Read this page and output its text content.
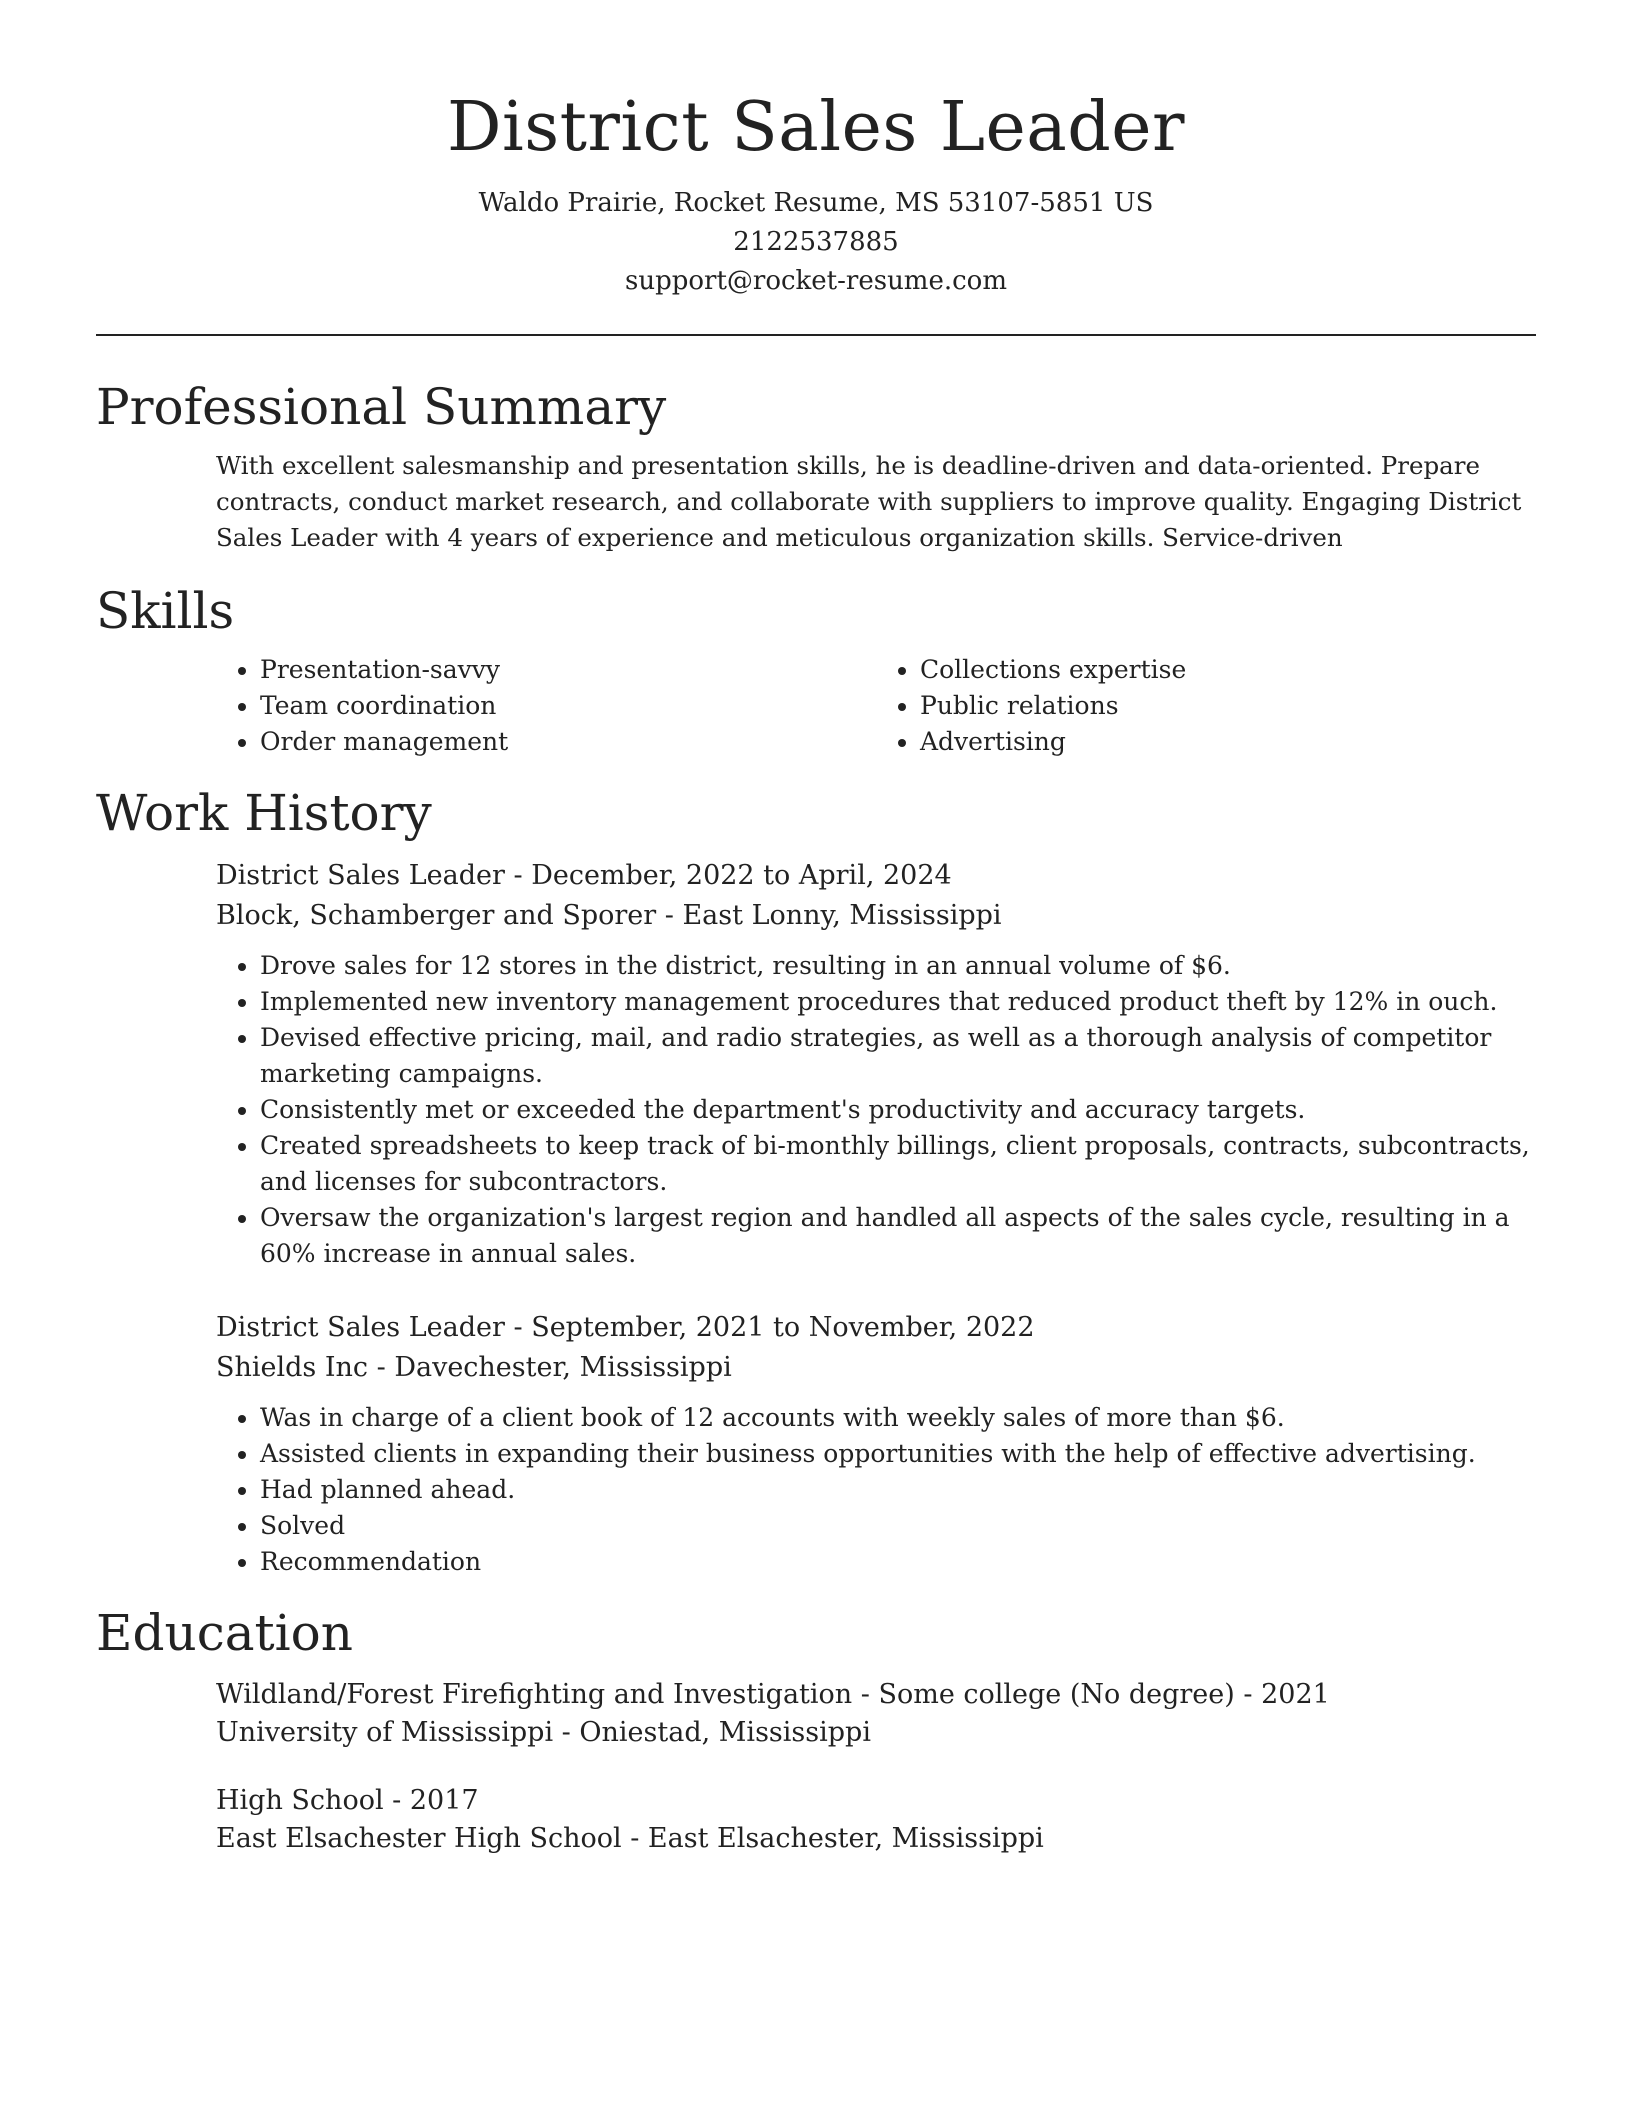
District Sales Leader
Waldo Prairie, Rocket Resume, MS 53107-5851 US
2122537885
support@rocket-resume.com
Professional Summary

With excellent salesmanship and presentation skills, he is deadline-driven and data-oriented. Prepare contracts, conduct market research, and collaborate with suppliers to improve quality. Engaging District Sales Leader with 4 years of experience and meticulous organization skills. Service-driven

Skills
• Presentation-savvy
• Team coordination
• Order management
• Collections expertise
• Public relations
• Advertising
Work History
District Sales Leader - December, 2022 to April, 2024
Block, Schamberger and Sporer - East Lonny, Mississippi
• Drove sales for 12 stores in the district, resulting in an annual volume of $6.
• Implemented new inventory management procedures that reduced product theft by 12% in ouch.
• Devised effective pricing, mail, and radio strategies, as well as a thorough analysis of competitor marketing campaigns.
• Consistently met or exceeded the department's productivity and accuracy targets.
• Created spreadsheets to keep track of bi-monthly billings, client proposals, contracts, subcontracts, and licenses for subcontractors.
• Oversaw the organization's largest region and handled all aspects of the sales cycle, resulting in a 60% increase in annual sales.
District Sales Leader - September, 2021 to November, 2022
Shields Inc - Davechester, Mississippi
• Was in charge of a client book of 12 accounts with weekly sales of more than $6.
• Assisted clients in expanding their business opportunities with the help of effective advertising.
• Had planned ahead.
• Solved
• Recommendation
Education
Wildland/Forest Firefighting and Investigation - Some college (No degree) - 2021
University of Mississippi - Oniestad, Mississippi
High School - 2017
East Elsachester High School - East Elsachester, Mississippi
